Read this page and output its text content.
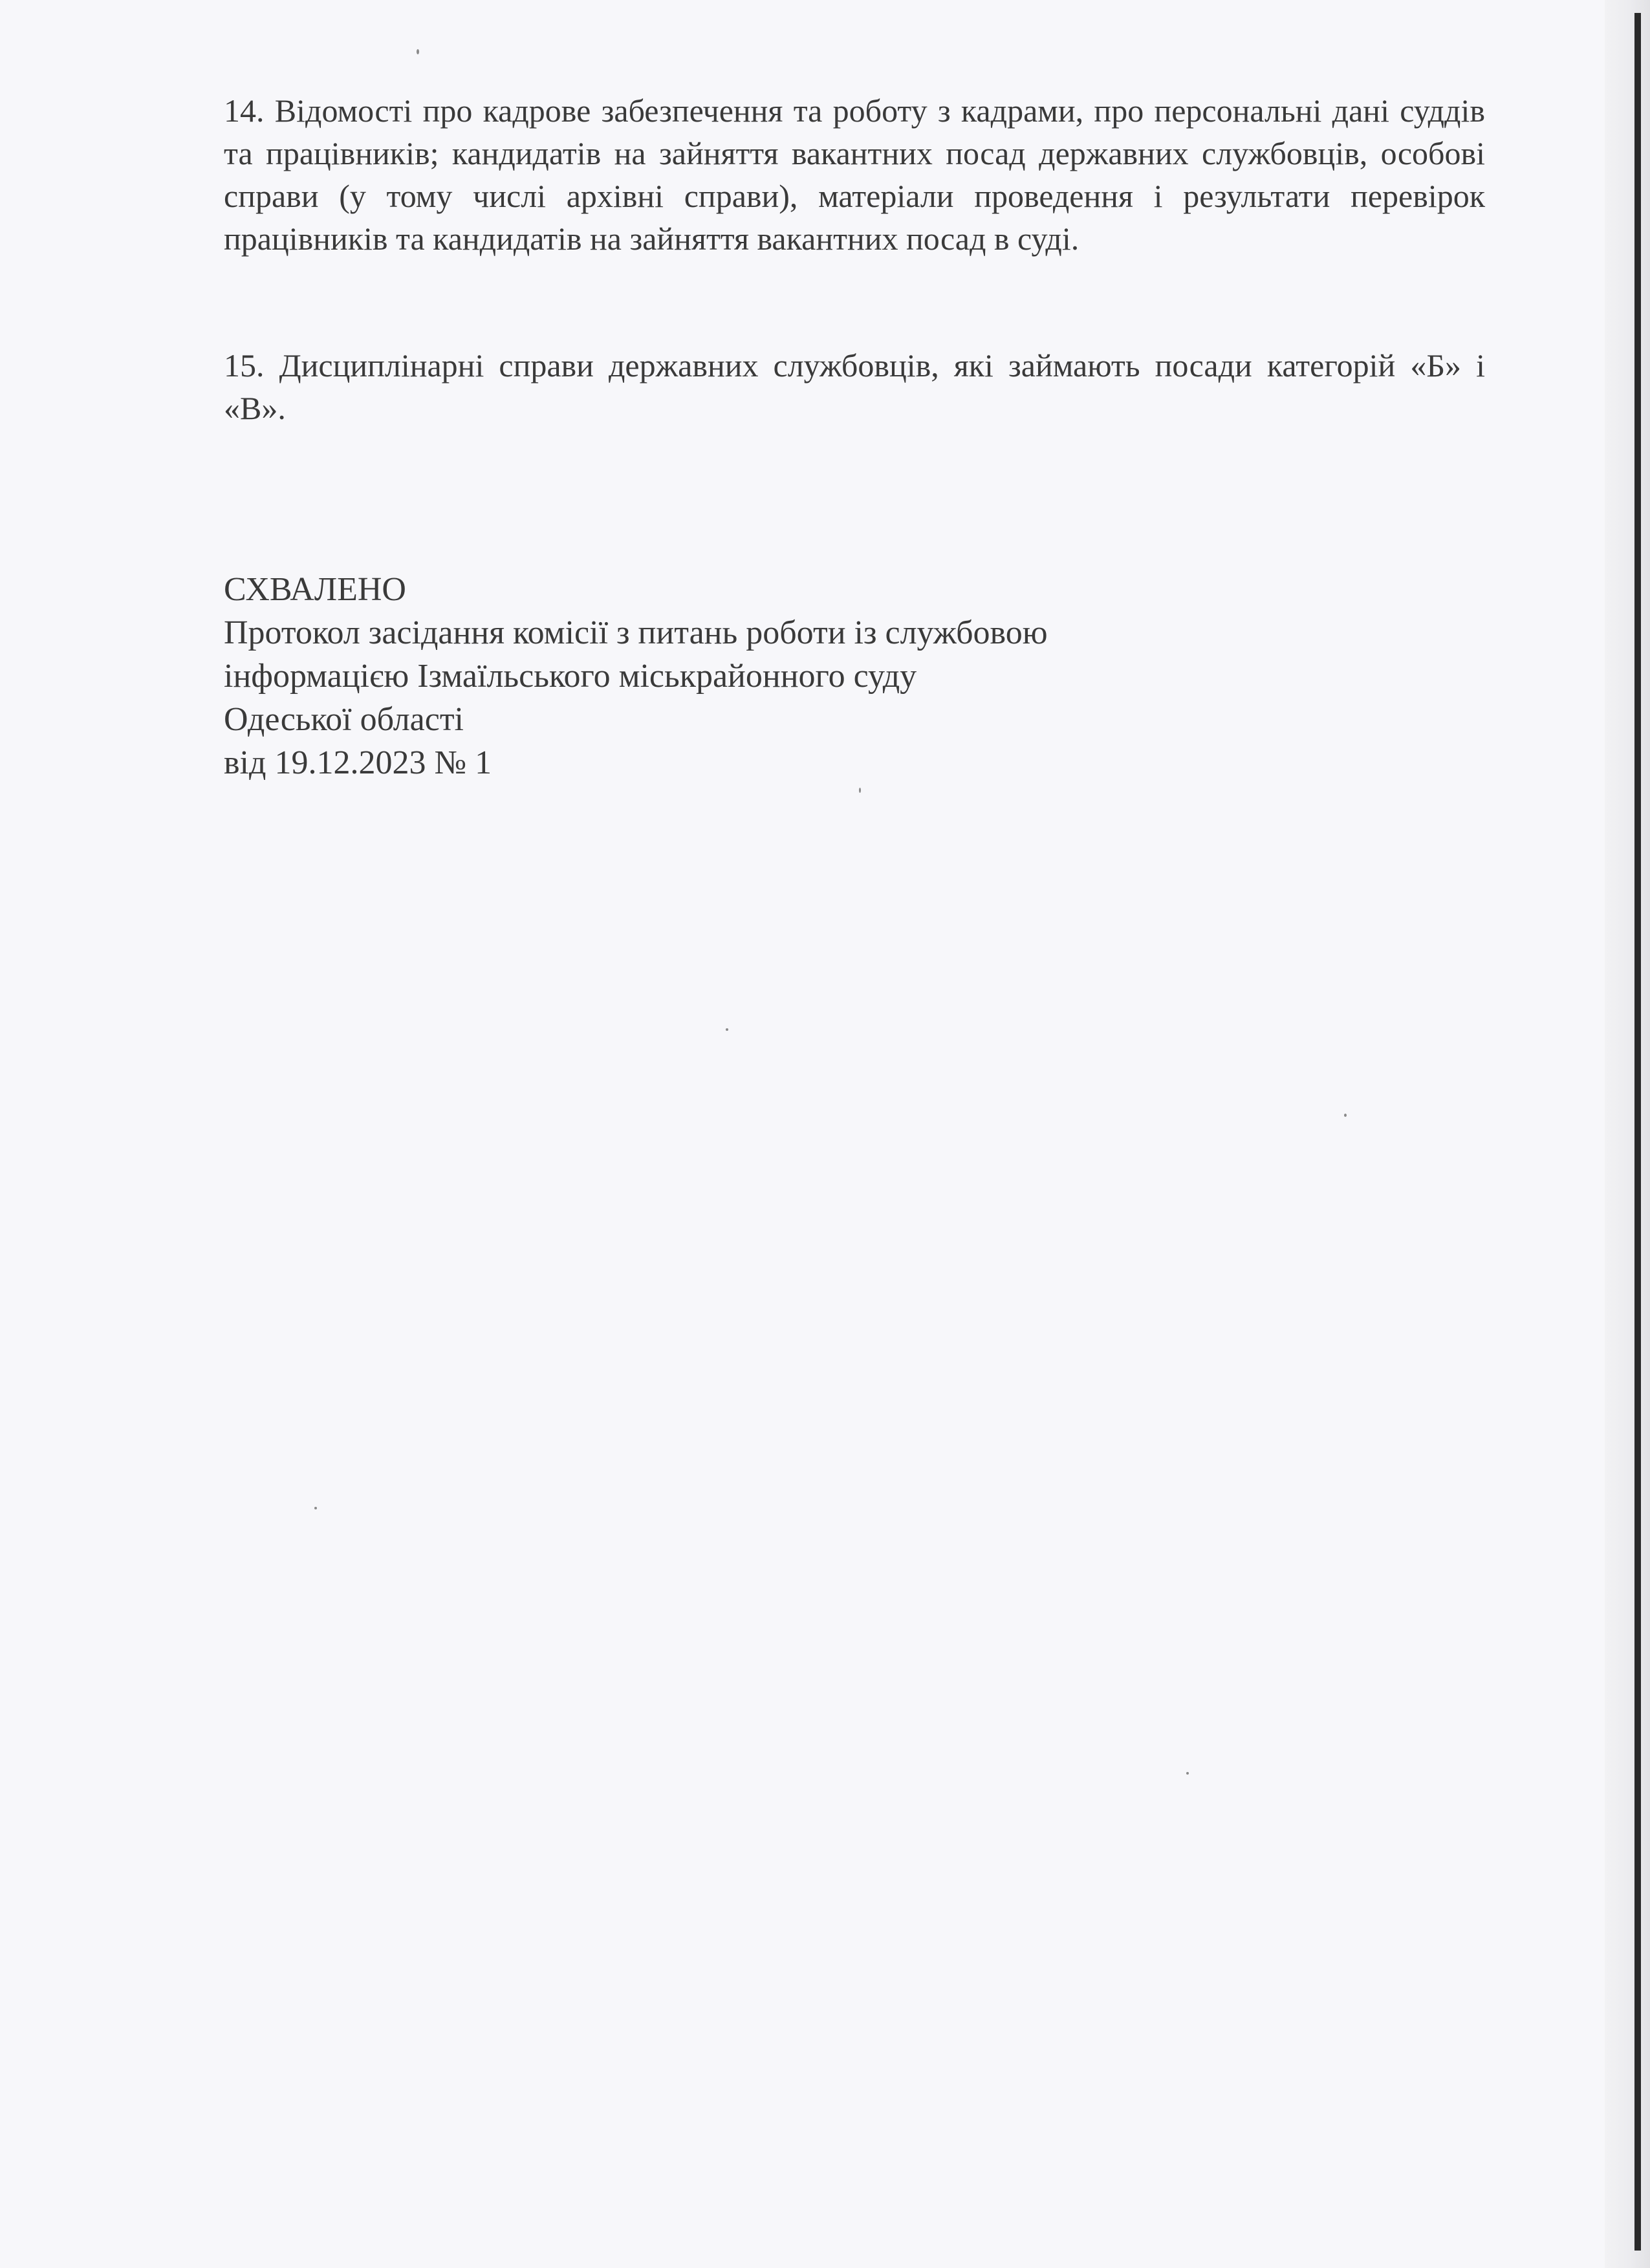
14. Відомості про кадрове забезпечення та роботу з кадрами, про персональні дані суддів та працівників; кандидатів на зайняття вакантних посад державних службовців, особові справи (у тому числі архівні справи), матеріали проведення і результати перевірок працівників та кандидатів на зайняття вакантних посад в суді.

15. Дисциплінарні справи державних службовців, які займають посади категорій «Б» і «В».

СХВАЛЕНО
Протокол засідання комісії з питань роботи із службовою
інформацією Ізмаїльського міськрайонного суду
Одеської області
від 19.12.2023 № 1
